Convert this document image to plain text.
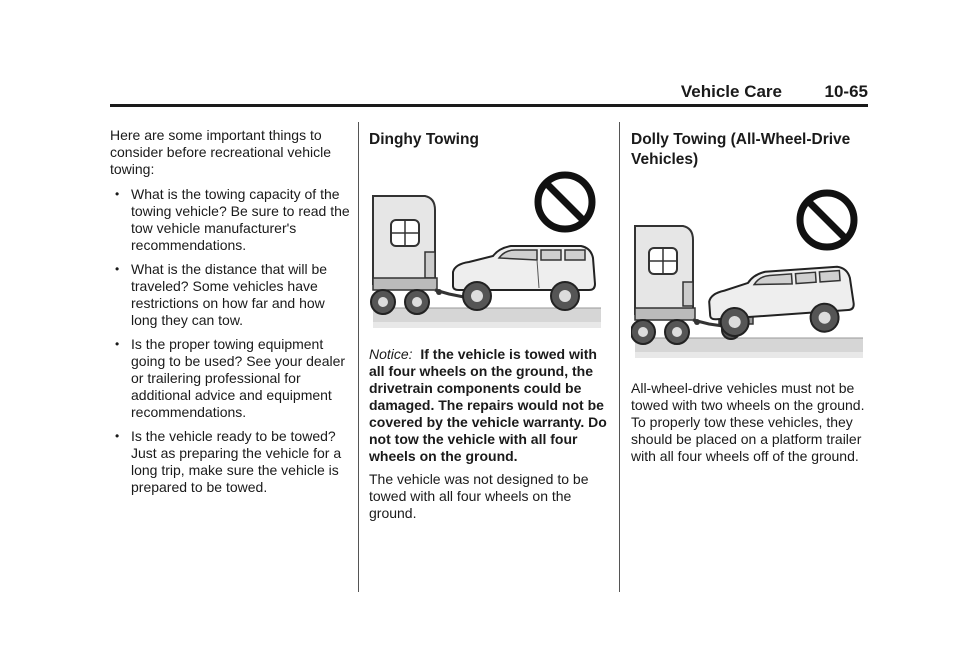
Vehicle Care	10-65

Here are some important things to consider before recreational vehicle towing:

• What is the towing capacity of the towing vehicle? Be sure to read the tow vehicle manufacturer's recommendations.
• What is the distance that will be traveled? Some vehicles have restrictions on how far and how long they can tow.
• Is the proper towing equipment going to be used? See your dealer or trailering professional for additional advice and equipment recommendations.
• Is the vehicle ready to be towed? Just as preparing the vehicle for a long trip, make sure the vehicle is prepared to be towed.
Dinghy Towing

Notice: If the vehicle is towed with all four wheels on the ground, the drivetrain components could be damaged. The repairs would not be covered by the vehicle warranty. Do not tow the vehicle with all four wheels on the ground.

The vehicle was not designed to be towed with all four wheels on the ground.

Dolly Towing (All-Wheel-Drive Vehicles)

All-wheel-drive vehicles must not be towed with two wheels on the ground. To properly tow these vehicles, they should be placed on a platform trailer with all four wheels off of the ground.
